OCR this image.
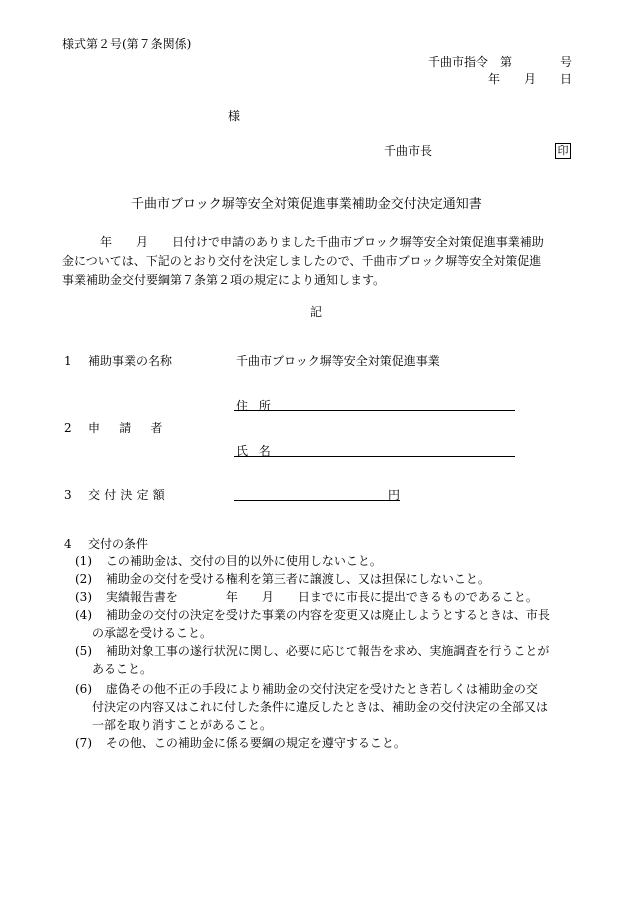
様式第２号(第７条関係)
千曲市指令　第　　　　号
年　　月　　日
様
千曲市長	印
千曲市ブロック塀等安全対策促進事業補助金交付決定通知書
年　　月　　日付けで申請のありました千曲市ブロック塀等安全対策促進事業補助
金については、下記のとおり交付を決定しましたので、千曲市ブロック塀等安全対策促進
事業補助金交付要綱第７条第２項の規定により通知します。
記
1 補助事業の名称	千曲市ブロック塀等安全対策促進事業
住所
2 申請者
氏名
3 交付決定額	円
4 交付の条件
(1) この補助金は、交付の目的以外に使用しないこと。
(2) 補助金の交付を受ける権利を第三者に譲渡し、又は担保にしないこと。
(3) 実績報告書を　　　　年　　月　　日までに市長に提出できるものであること。
(4) 補助金の交付の決定を受けた事業の内容を変更又は廃止しようとするときは、市長
の承認を受けること。
(5) 補助対象工事の遂行状況に関し、必要に応じて報告を求め、実施調査を行うことが
あること。
(6) 虚偽その他不正の手段により補助金の交付決定を受けたとき若しくは補助金の交
付決定の内容又はこれに付した条件に違反したときは、補助金の交付決定の全部又は
一部を取り消すことがあること。
(7) その他、この補助金に係る要綱の規定を遵守すること。
